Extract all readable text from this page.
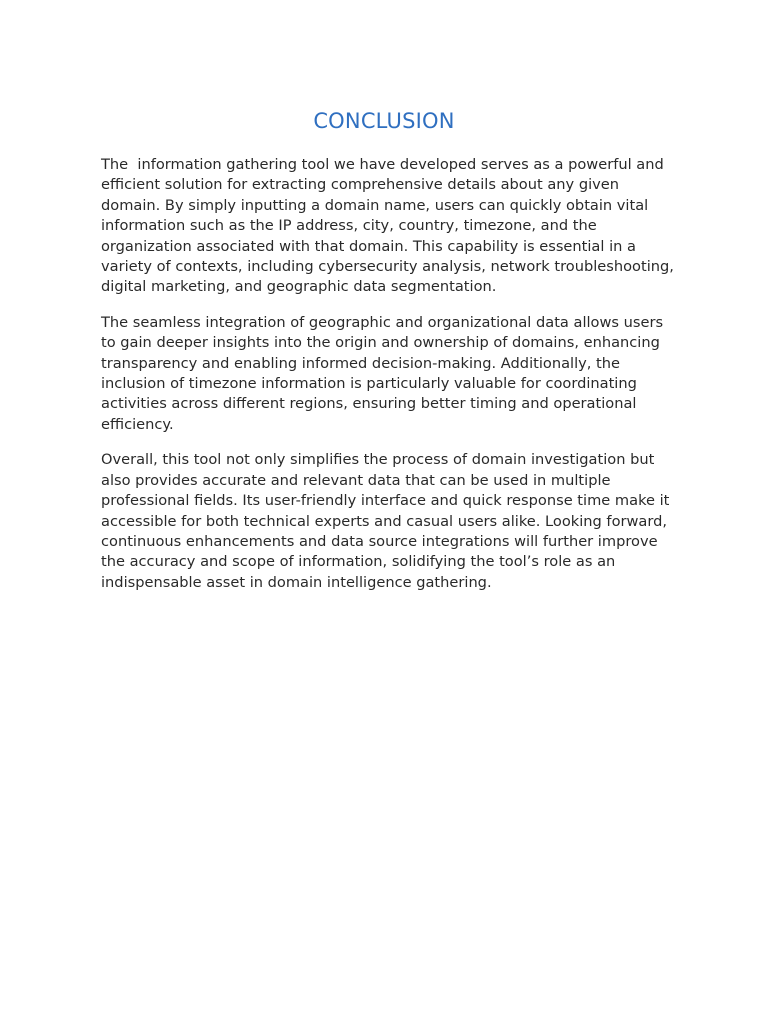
CONCLUSION

The  information gathering tool we have developed serves as a powerful and efficient solution for extracting comprehensive details about any given domain. By simply inputting a domain name, users can quickly obtain vital information such as the IP address, city, country, timezone, and the organization associated with that domain. This capability is essential in a variety of contexts, including cybersecurity analysis, network troubleshooting, digital marketing, and geographic data segmentation.

The seamless integration of geographic and organizational data allows users to gain deeper insights into the origin and ownership of domains, enhancing transparency and enabling informed decision-making. Additionally, the inclusion of timezone information is particularly valuable for coordinating activities across different regions, ensuring better timing and operational efficiency.

Overall, this tool not only simplifies the process of domain investigation but also provides accurate and relevant data that can be used in multiple professional fields. Its user-friendly interface and quick response time make it accessible for both technical experts and casual users alike. Looking forward, continuous enhancements and data source integrations will further improve the accuracy and scope of information, solidifying the tool’s role as an indispensable asset in domain intelligence gathering.
